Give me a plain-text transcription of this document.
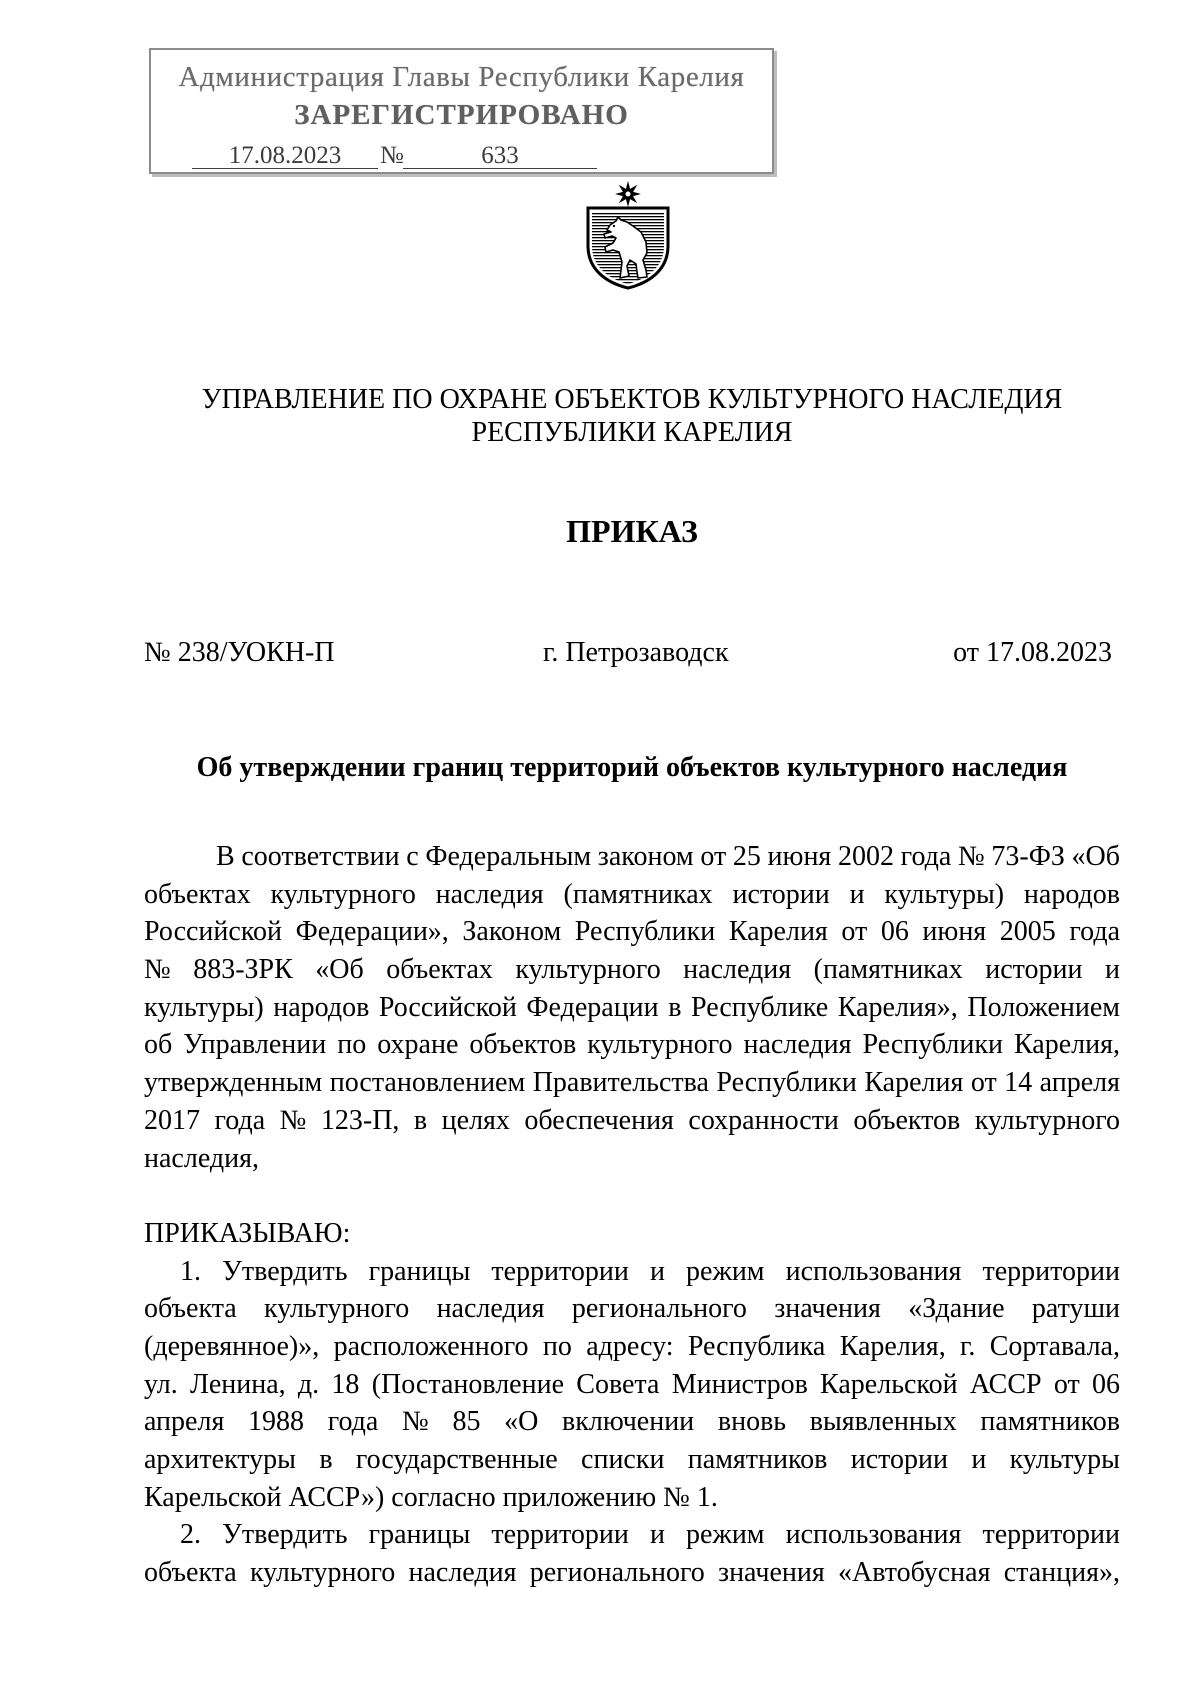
Администрация Главы Республики Карелия
ЗАРЕГИСТРИРОВАНО
17.08.2023	№	633
УПРАВЛЕНИЕ ПО ОХРАНЕ ОБЪЕКТОВ КУЛЬТУРНОГО НАСЛЕДИЯ
РЕСПУБЛИКИ КАРЕЛИЯ
ПРИКАЗ
№ 238/УОКН-П	г. Петрозаводск	от 17.08.2023
Об утверждении границ территорий объектов культурного наследия
В соответствии с Федеральным законом от 25 июня 2002 года № 73-ФЗ «Об
объектах культурного наследия (памятниках истории и культуры) народов
Российской Федерации», Законом Республики Карелия от 06 июня 2005 года
№ 883-ЗРК «Об объектах культурного наследия (памятниках истории и
культуры) народов Российской Федерации в Республике Карелия», Положением
об Управлении по охране объектов культурного наследия Республики Карелия,
утвержденным постановлением Правительства Республики Карелия от 14 апреля
2017 года № 123-П, в целях обеспечения сохранности объектов культурного
наследия,
ПРИКАЗЫВАЮ:
1. Утвердить границы территории и режим использования территории
объекта культурного наследия регионального значения «Здание ратуши
(деревянное)», расположенного по адресу: Республика Карелия, г. Сортавала,
ул. Ленина, д. 18 (Постановление Совета Министров Карельской АССР от 06
апреля 1988 года № 85 «О включении вновь выявленных памятников
архитектуры в государственные списки памятников истории и культуры
Карельской АССР») согласно приложению № 1.
2. Утвердить границы территории и режим использования территории
объекта культурного наследия регионального значения «Автобусная станция»,
